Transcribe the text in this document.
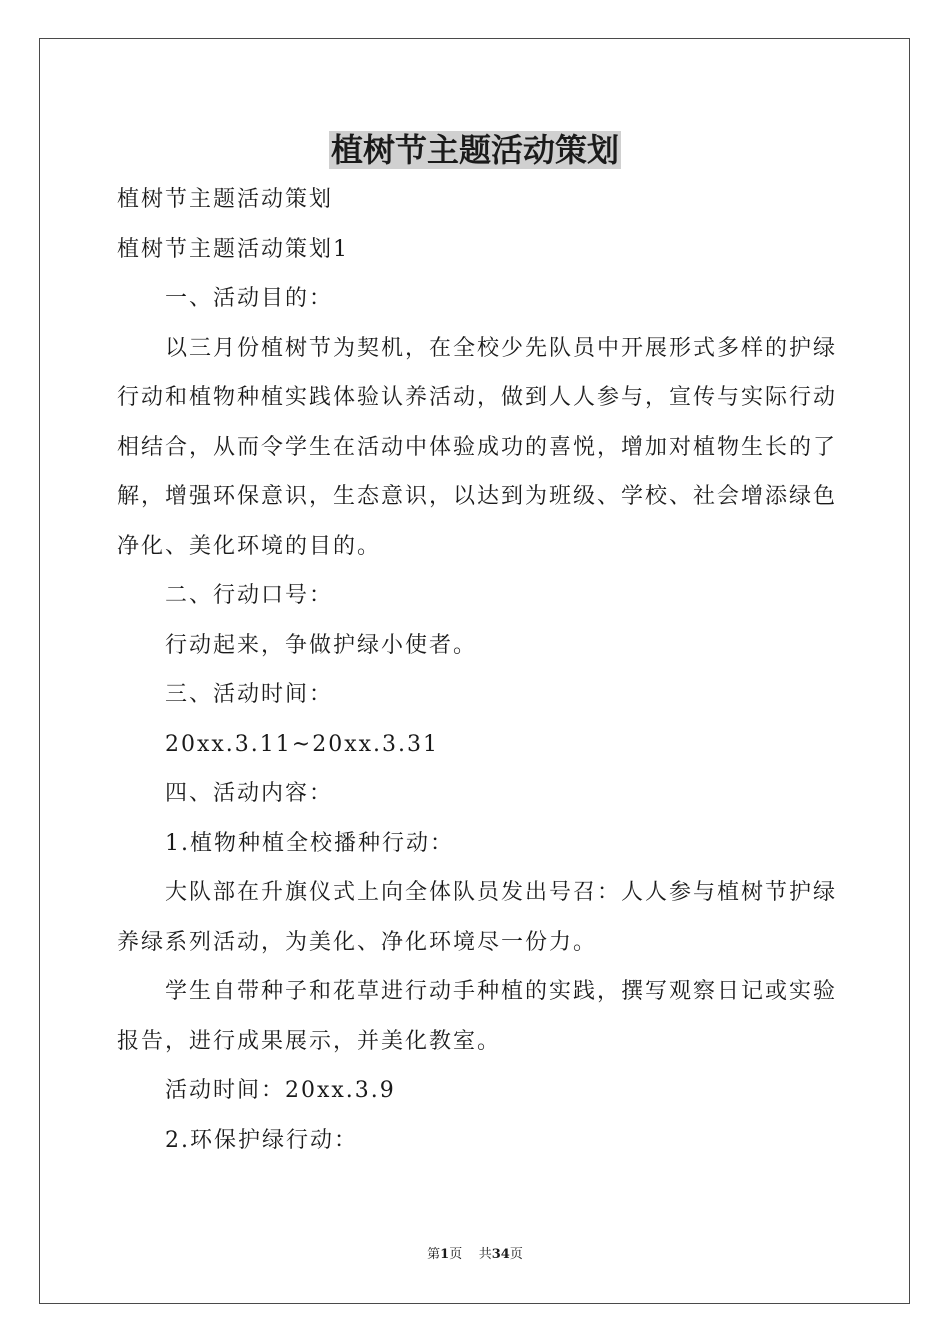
植树节主题活动策划

植树节主题活动策划

植树节主题活动策划1

一、活动目的：

以三月份植树节为契机，在全校少先队员中开展形式多样的护绿行动和植物种植实践体验认养活动，做到人人参与，宣传与实际行动相结合，从而令学生在活动中体验成功的喜悦，增加对植物生长的了解，增强环保意识，生态意识，以达到为班级、学校、社会增添绿色净化、美化环境的目的。

二、行动口号：

行动起来，争做护绿小使者。

三、活动时间：

20xx.3.11~20xx.3.31

四、活动内容：

1.植物种植全校播种行动：

大队部在升旗仪式上向全体队员发出号召：人人参与植树节护绿养绿系列活动，为美化、净化环境尽一份力。

学生自带种子和花草进行动手种植的实践，撰写观察日记或实验报告，进行成果展示，并美化教室。

活动时间：20xx.3.9

2.环保护绿行动：

第1页 共34页
